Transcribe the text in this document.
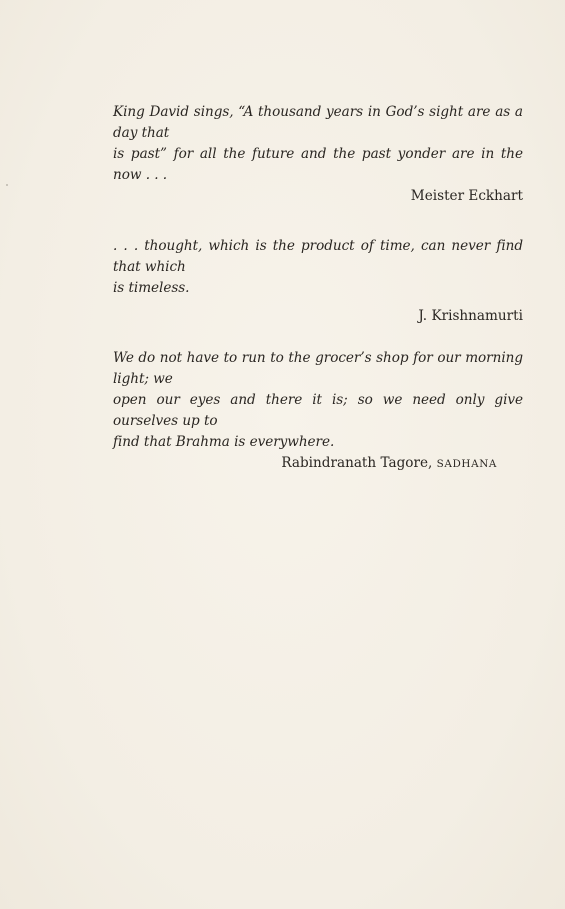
King David sings, “A thousand years in God’s sight are as a day that
is past” for all the future and the past yonder are in the now . . .

Meister Eckhart

. . . thought, which is the product of time, can never find that which
is timeless.

J. Krishnamurti

We do not have to run to the grocer’s shop for our morning light; we
open our eyes and there it is; so we need only give ourselves up to
find that Brahma is everywhere.

Rabindranath Tagore, SADHANA
